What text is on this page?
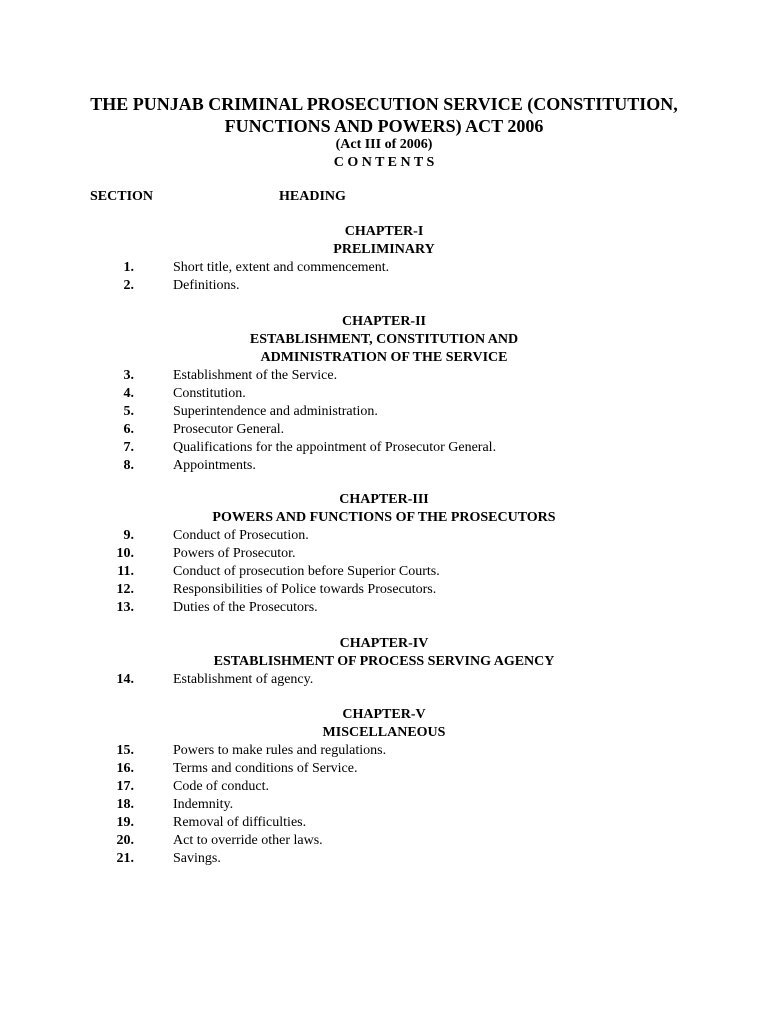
THE PUNJAB CRIMINAL PROSECUTION SERVICE (CONSTITUTION,
FUNCTIONS AND POWERS) ACT 2006
(Act III of 2006)
C O N T E N T S
SECTION	HEADING
CHAPTER-I
PRELIMINARY
1.	Short title, extent and commencement.
2.	Definitions.
CHAPTER-II
ESTABLISHMENT, CONSTITUTION AND
ADMINISTRATION OF THE SERVICE
3.	Establishment of the Service.
4.	Constitution.
5.	Superintendence and administration.
6.	Prosecutor General.
7.	Qualifications for the appointment of Prosecutor General.
8.	Appointments.
CHAPTER-III
POWERS AND FUNCTIONS OF THE PROSECUTORS
9.	Conduct of Prosecution.
10.	Powers of Prosecutor.
11.	Conduct of prosecution before Superior Courts.
12.	Responsibilities of Police towards Prosecutors.
13.	Duties of the Prosecutors.
CHAPTER-IV
ESTABLISHMENT OF PROCESS SERVING AGENCY
14.	Establishment of agency.
CHAPTER-V
MISCELLANEOUS
15.	Powers to make rules and regulations.
16.	Terms and conditions of Service.
17.	Code of conduct.
18.	Indemnity.
19.	Removal of difficulties.
20.	Act to override other laws.
21.	Savings.
